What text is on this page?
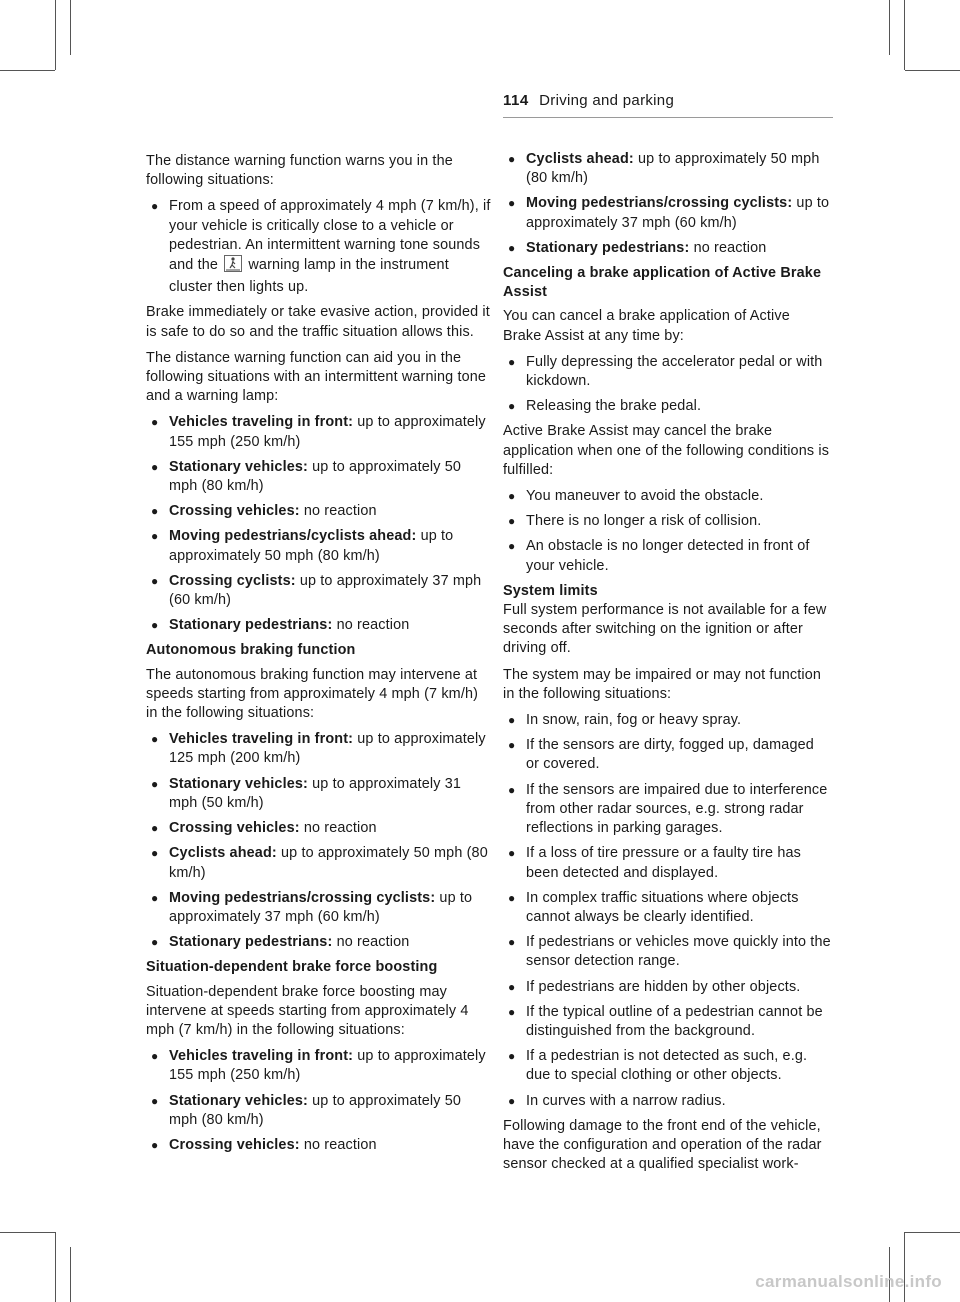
114 Driving and parking

The distance warning function warns you in the following situations:

● From a speed of approximately 4 mph (7 km/h), if your vehicle is critically close to a vehicle or pedestrian. An intermittent warning tone sounds and the warning lamp in the instrument cluster then lights up.

Brake immediately or take evasive action, provided it is safe to do so and the traffic situation allows this.

The distance warning function can aid you in the following situations with an intermittent warning tone and a warning lamp:

● Vehicles traveling in front: up to approximately 155 mph (250 km/h)
● Stationary vehicles: up to approximately 50 mph (80 km/h)
● Crossing vehicles: no reaction
● Moving pedestrians/cyclists ahead: up to approximately 50 mph (80 km/h)
● Crossing cyclists: up to approximately 37 mph (60 km/h)
● Stationary pedestrians: no reaction

Autonomous braking function

The autonomous braking function may intervene at speeds starting from approximately 4 mph (7 km/h) in the following situations:

● Vehicles traveling in front: up to approximately 125 mph (200 km/h)
● Stationary vehicles: up to approximately 31 mph (50 km/h)
● Crossing vehicles: no reaction
● Cyclists ahead: up to approximately 50 mph (80 km/h)
● Moving pedestrians/crossing cyclists: up to approximately 37 mph (60 km/h)
● Stationary pedestrians: no reaction

Situation-dependent brake force boosting

Situation-dependent brake force boosting may intervene at speeds starting from approximately 4 mph (7 km/h) in the following situations:

● Vehicles traveling in front: up to approximately 155 mph (250 km/h)
● Stationary vehicles: up to approximately 50 mph (80 km/h)
● Crossing vehicles: no reaction
● Cyclists ahead: up to approximately 50 mph (80 km/h)
● Moving pedestrians/crossing cyclists: up to approximately 37 mph (60 km/h)
● Stationary pedestrians: no reaction

Canceling a brake application of Active Brake Assist

You can cancel a brake application of Active Brake Assist at any time by:

● Fully depressing the accelerator pedal or with kickdown.
● Releasing the brake pedal.

Active Brake Assist may cancel the brake application when one of the following conditions is fulfilled:

● You maneuver to avoid the obstacle.
● There is no longer a risk of collision.
● An obstacle is no longer detected in front of your vehicle.

System limits

Full system performance is not available for a few seconds after switching on the ignition or after driving off.

The system may be impaired or may not function in the following situations:

● In snow, rain, fog or heavy spray.
● If the sensors are dirty, fogged up, damaged or covered.
● If the sensors are impaired due to interference from other radar sources, e.g. strong radar reflections in parking garages.
● If a loss of tire pressure or a faulty tire has been detected and displayed.
● In complex traffic situations where objects cannot always be clearly identified.
● If pedestrians or vehicles move quickly into the sensor detection range.
● If pedestrians are hidden by other objects.
● If the typical outline of a pedestrian cannot be distinguished from the background.
● If a pedestrian is not detected as such, e.g. due to special clothing or other objects.
● In curves with a narrow radius.

Following damage to the front end of the vehicle, have the configuration and operation of the radar sensor checked at a qualified specialist work-

carmanualsonline.info
